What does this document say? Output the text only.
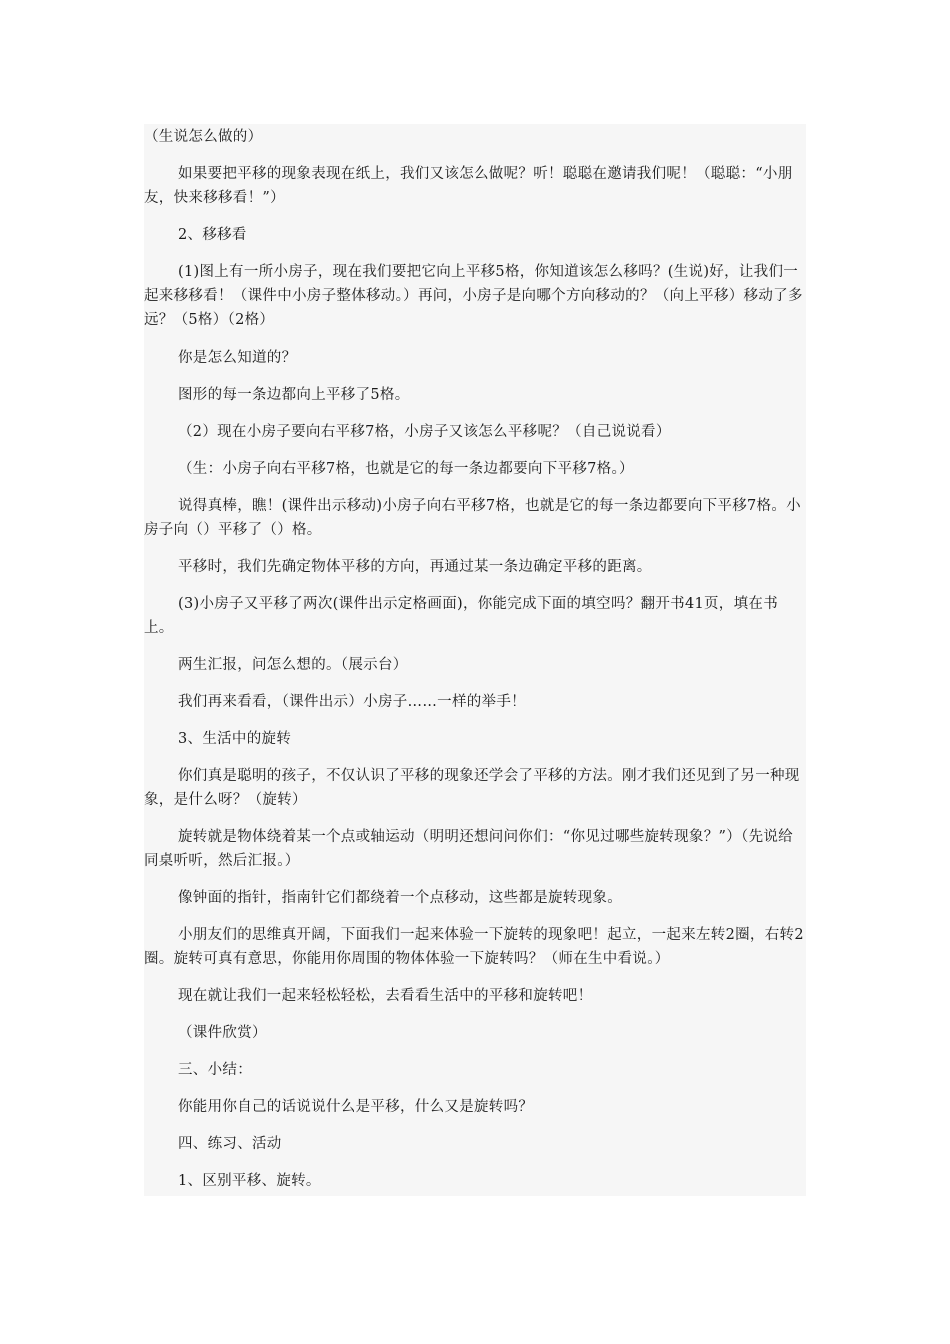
（生说怎么做的）

如果要把平移的现象表现在纸上，我们又该怎么做呢？听！聪聪在邀请我们呢！（聪聪：“小朋友，快来移移看！”）

2、移移看

(1)图上有一所小房子，现在我们要把它向上平移5格，你知道该怎么移吗？(生说)好，让我们一起来移移看！（课件中小房子整体移动。）再问，小房子是向哪个方向移动的？（向上平移）移动了多远？（5格）（2格）

你是怎么知道的？

图形的每一条边都向上平移了5格。

（2）现在小房子要向右平移7格，小房子又该怎么平移呢？（自己说说看）

（生：小房子向右平移7格，也就是它的每一条边都要向下平移7格。）

说得真棒，瞧！(课件出示移动)小房子向右平移7格，也就是它的每一条边都要向下平移7格。小房子向（）平移了（）格。

平移时，我们先确定物体平移的方向，再通过某一条边确定平移的距离。

(3)小房子又平移了两次(课件出示定格画面)，你能完成下面的填空吗？翻开书41页，填在书上。

两生汇报，问怎么想的。（展示台）

我们再来看看，（课件出示）小房子……一样的举手！

3、生活中的旋转

你们真是聪明的孩子，不仅认识了平移的现象还学会了平移的方法。刚才我们还见到了另一种现象，是什么呀？（旋转）

旋转就是物体绕着某一个点或轴运动（明明还想问问你们：“你见过哪些旋转现象？”）（先说给同桌听听，然后汇报。）

像钟面的指针，指南针它们都绕着一个点移动，这些都是旋转现象。

小朋友们的思维真开阔，下面我们一起来体验一下旋转的现象吧！起立，一起来左转2圈，右转2圈。旋转可真有意思，你能用你周围的物体体验一下旋转吗？（师在生中看说。）

现在就让我们一起来轻松轻松，去看看生活中的平移和旋转吧！

（课件欣赏）

三、小结：

你能用你自己的话说说什么是平移，什么又是旋转吗？

四、练习、活动

1、区别平移、旋转。
